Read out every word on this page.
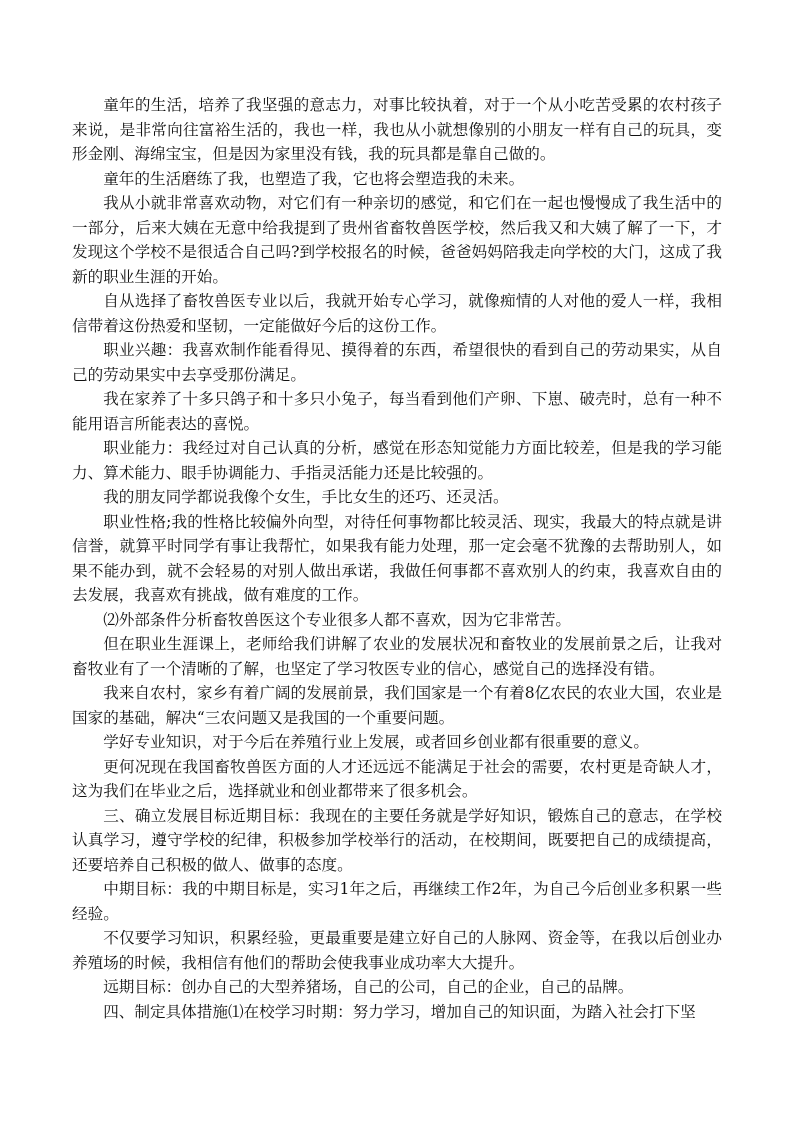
童年的生活，培养了我坚强的意志力，对事比较执着，对于一个从小吃苦受累的农村孩子来说，是非常向往富裕生活的，我也一样，我也从小就想像别的小朋友一样有自己的玩具，变形金刚、海绵宝宝，但是因为家里没有钱，我的玩具都是靠自己做的。

童年的生活磨练了我，也塑造了我，它也将会塑造我的未来。

我从小就非常喜欢动物，对它们有一种亲切的感觉，和它们在一起也慢慢成了我生活中的一部分，后来大姨在无意中给我提到了贵州省畜牧兽医学校，然后我又和大姨了解了一下，才发现这个学校不是很适合自己吗?到学校报名的时候，爸爸妈妈陪我走向学校的大门，这成了我新的职业生涯的开始。

自从选择了畜牧兽医专业以后，我就开始专心学习，就像痴情的人对他的爱人一样，我相信带着这份热爱和坚韧，一定能做好今后的这份工作。

职业兴趣：我喜欢制作能看得见、摸得着的东西，希望很快的看到自己的劳动果实，从自己的劳动果实中去享受那份满足。

我在家养了十多只鸽子和十多只小兔子，每当看到他们产卵、下崽、破壳时，总有一种不能用语言所能表达的喜悦。

职业能力：我经过对自己认真的分析，感觉在形态知觉能力方面比较差，但是我的学习能力、算术能力、眼手协调能力、手指灵活能力还是比较强的。

我的朋友同学都说我像个女生，手比女生的还巧、还灵活。

职业性格;我的性格比较偏外向型，对待任何事物都比较灵活、现实，我最大的特点就是讲信誉，就算平时同学有事让我帮忙，如果我有能力处理，那一定会毫不犹豫的去帮助别人，如果不能办到，就不会轻易的对别人做出承诺，我做任何事都不喜欢别人的约束，我喜欢自由的去发展，我喜欢有挑战，做有难度的工作。

⑵外部条件分析畜牧兽医这个专业很多人都不喜欢，因为它非常苦。

但在职业生涯课上，老师给我们讲解了农业的发展状况和畜牧业的发展前景之后，让我对畜牧业有了一个清晰的了解，也坚定了学习牧医专业的信心，感觉自己的选择没有错。

我来自农村，家乡有着广阔的发展前景，我们国家是一个有着8亿农民的农业大国，农业是国家的基础，解决“三农问题又是我国的一个重要问题。

学好专业知识，对于今后在养殖行业上发展，或者回乡创业都有很重要的意义。

更何况现在我国畜牧兽医方面的人才还远远不能满足于社会的需要，农村更是奇缺人才，这为我们在毕业之后，选择就业和创业都带来了很多机会。

三、确立发展目标近期目标：我现在的主要任务就是学好知识，锻炼自己的意志，在学校认真学习，遵守学校的纪律，积极参加学校举行的活动，在校期间，既要把自己的成绩提高，还要培养自己积极的做人、做事的态度。

中期目标：我的中期目标是，实习1年之后，再继续工作2年，为自己今后创业多积累一些经验。

不仅要学习知识，积累经验，更最重要是建立好自己的人脉网、资金等，在我以后创业办养殖场的时候，我相信有他们的帮助会使我事业成功率大大提升。

远期目标：创办自己的大型养猪场，自己的公司，自己的企业，自己的品牌。

四、制定具体措施⑴在校学习时期：努力学习，增加自己的知识面，为踏入社会打下坚
